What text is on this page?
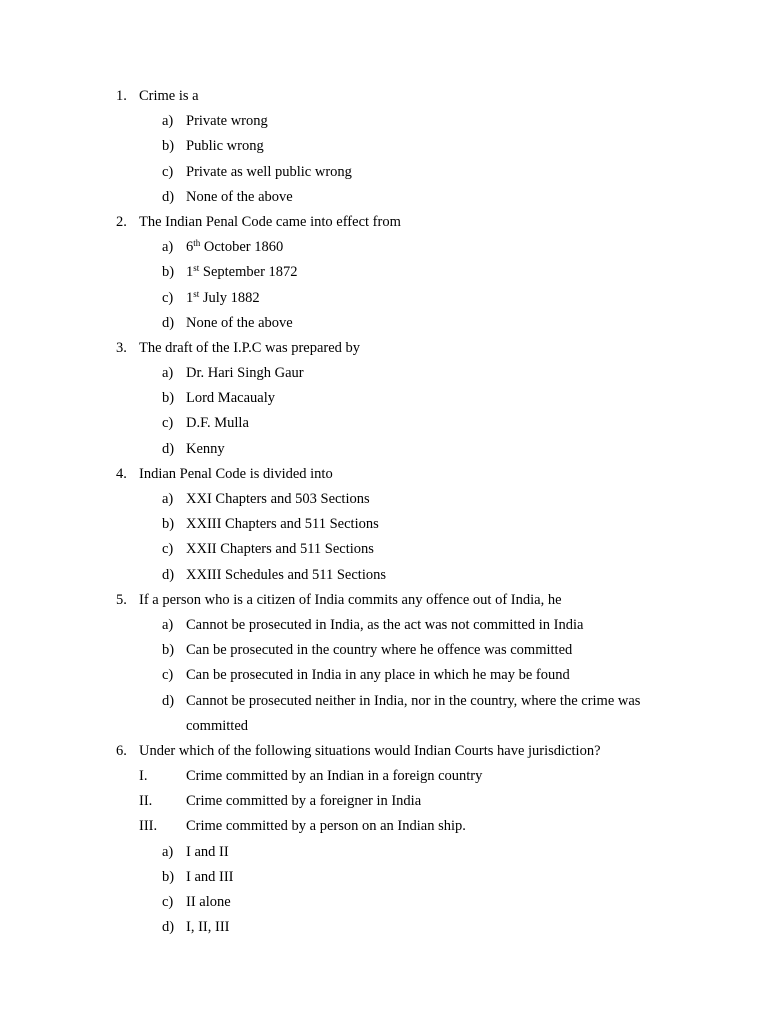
1. Crime is a
a) Private wrong
b) Public wrong
c) Private as well public wrong
d) None of the above
2. The Indian Penal Code came into effect from
a) 6th October 1860
b) 1st September 1872
c) 1st July 1882
d) None of the above
3. The draft of the I.P.C was prepared by
a) Dr. Hari Singh Gaur
b) Lord Macaualy
c) D.F. Mulla
d) Kenny
4. Indian Penal Code is divided into
a) XXI Chapters and 503 Sections
b) XXIII Chapters and 511 Sections
c) XXII Chapters and 511 Sections
d) XXIII Schedules and 511 Sections
5. If a person who is a citizen of India commits any offence out of India, he
a) Cannot be prosecuted in India, as the act was not committed in India
b) Can be prosecuted in the country where he offence was committed
c) Can be prosecuted in India in any place in which he may be found
d) Cannot be prosecuted neither in India, nor in the country, where the crime was
committed
6. Under which of the following situations would Indian Courts have jurisdiction?
I.	Crime committed by an Indian in a foreign country
II. Crime committed by a foreigner in India
III. Crime committed by a person on an Indian ship.
a) I and II
b) I and III
c) II alone
d) I, II, III
